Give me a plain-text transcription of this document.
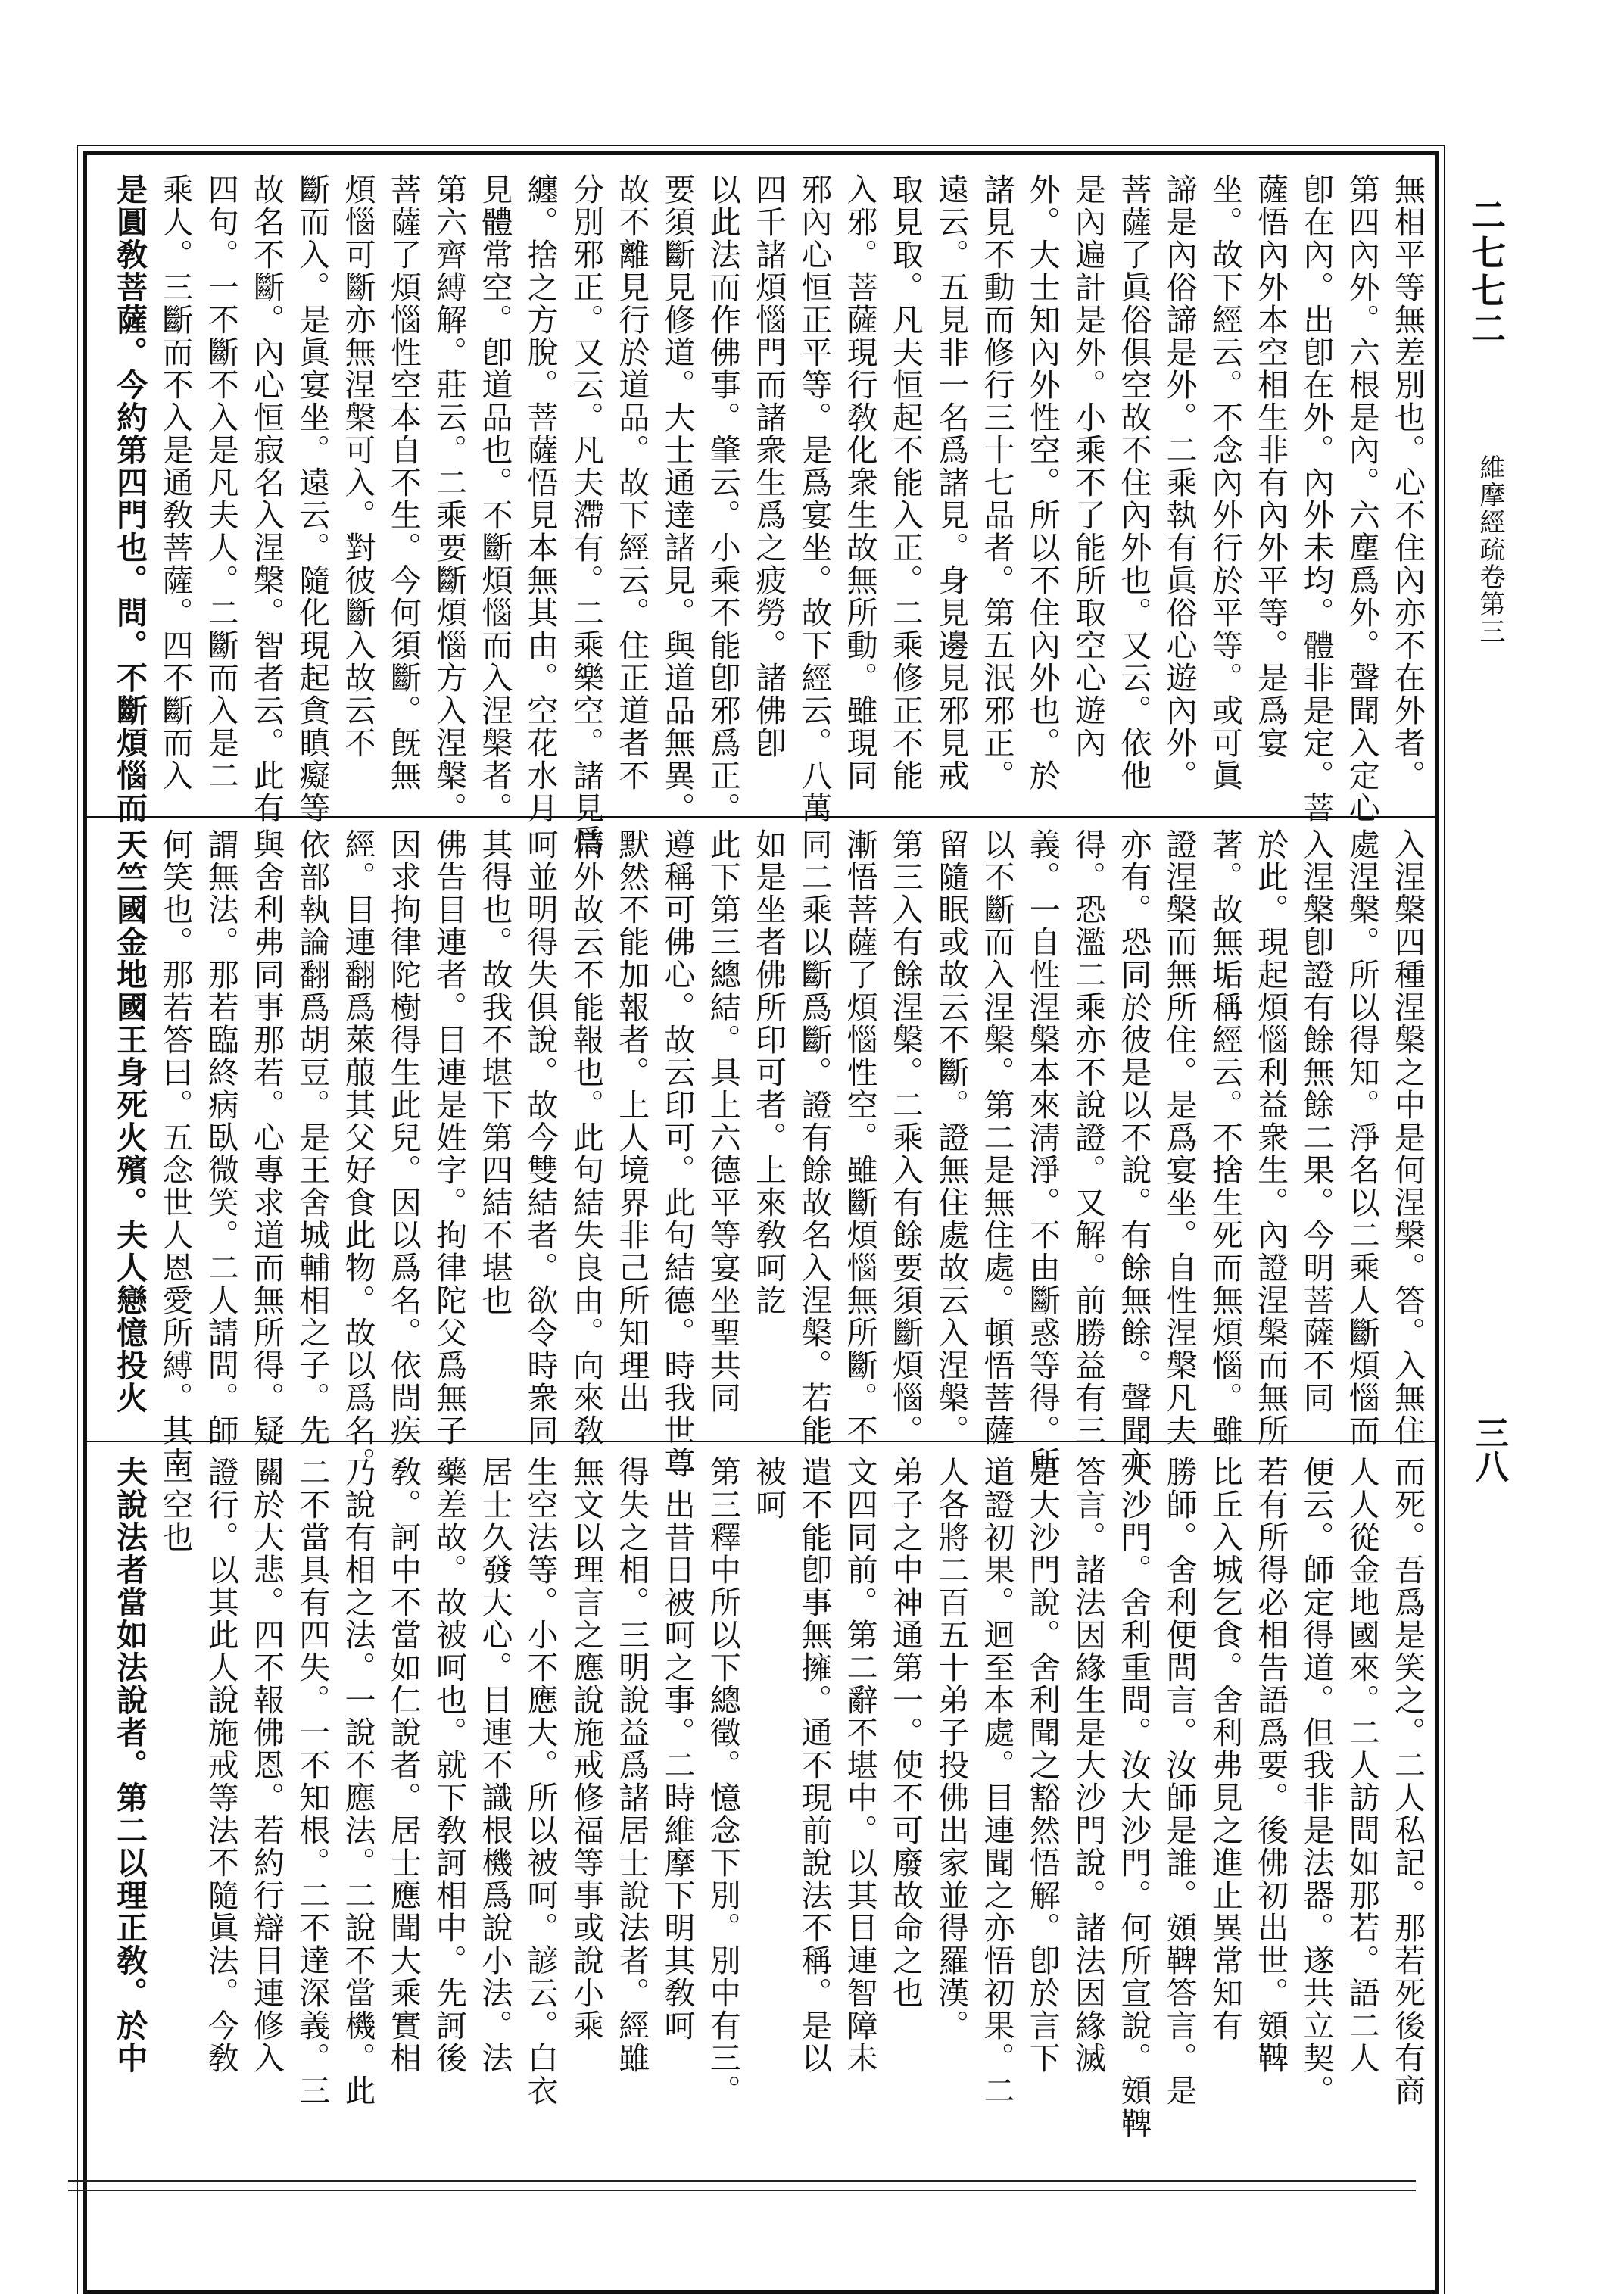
無相平等無差別也。心不住內亦不在外者。
第四內外。六根是內。六塵爲外。聲聞入定心
卽在內。出卽在外。內外未均。體非是定。菩
薩悟內外本空相生非有內外平等。是爲宴
坐。故下經云。不念內外行於平等。或可眞
諦是內俗諦是外。二乘執有眞俗心遊內外。
菩薩了眞俗俱空故不住內外也。又云。依他
是內遍計是外。小乘不了能所取空心遊內
外。大士知內外性空。所以不住內外也。於
諸見不動而修行三十七品者。第五泯邪正。
遠云。五見非一名爲諸見。身見邊見邪見戒
取見取。凡夫恒起不能入正。二乘修正不能
入邪。菩薩現行敎化衆生故無所動。雖現同
邪內心恒正平等。是爲宴坐。故下經云。八萬
四千諸煩惱門而諸衆生爲之疲勞。諸佛卽
以此法而作佛事。肇云。小乘不能卽邪爲正。
要須斷見修道。大士通達諸見。與道品無異。
故不離見行於道品。故下經云。住正道者不
分別邪正。又云。凡夫滯有。二乘樂空。諸見爲
纏。捨之方脫。菩薩悟見本無其由。空花水月
見體常空。卽道品也。不斷煩惱而入涅槃者。
第六齊縛解。莊云。二乘要斷煩惱方入涅槃。
菩薩了煩惱性空本自不生。今何須斷。旣無
煩惱可斷亦無涅槃可入。對彼斷入故云不
斷而入。是眞宴坐。遠云。隨化現起貪瞋癡等
故名不斷。內心恒寂名入涅槃。智者云。此有
四句。一不斷不入是凡夫人。二斷而入是二
乘人。三斷而不入是通敎菩薩。四不斷而入
是圓敎菩薩。今約第四門也。問。不斷煩惱而
入涅槃四種涅槃之中是何涅槃。答。入無住
處涅槃。所以得知。淨名以二乘人斷煩惱而
入涅槃卽證有餘無餘二果。今明菩薩不同
於此。現起煩惱利益衆生。內證涅槃而無所
著。故無垢稱經云。不捨生死而無煩惱。雖
證涅槃而無所住。是爲宴坐。自性涅槃凡夫
亦有。恐同於彼是以不說。有餘無餘。聲聞亦
得。恐濫二乘亦不說證。又解。前勝益有三
義。一自性涅槃本來淸淨。不由斷惑等得。所
以不斷而入涅槃。第二是無住處。頓悟菩薩
留隨眠或故云不斷。證無住處故云入涅槃。
第三入有餘涅槃。二乘入有餘要須斷煩惱。
漸悟菩薩了煩惱性空。雖斷煩惱無所斷。不
同二乘以斷爲斷。證有餘故名入涅槃。若能
如是坐者佛所印可者。上來敎呵訖
此下第三總結。具上六德平等宴坐聖共同
遵稱可佛心。故云印可。此句結德。時我世尊
默然不能加報者。上人境界非己所知理出
情外故云不能報也。此句結失良由。向來敎
呵並明得失俱說。故今雙結者。欲令時衆同
其得也。故我不堪下第四結不堪也
佛告目連者。目連是姓字。拘律陀父爲無子
因求拘律陀樹得生此兒。因以爲名。依問疾
經。目連翻爲萊菔其父好食此物。故以爲名。
依部執論翻爲胡豆。是王舍城輔相之子。先
與舍利弗同事那若。心專求道而無所得。疑
謂無法。那若臨終病臥微笑。二人請問。師
何笑也。那若答曰。五念世人恩愛所縛。其南
天竺國金地國王身死火殯。夫人戀憶投火
而死。吾爲是笑之。二人私記。那若死後有商
人人從金地國來。二人訪問如那若。語二人
便云。師定得道。但我非是法器。遂共立契。
若有所得必相告語爲要。後佛初出世。頞鞞
比丘入城乞食。舍利弗見之進止異常知有
勝師。舍利便問言。汝師是誰。頞鞞答言。是
大沙門。舍利重問。汝大沙門。何所宣說。頞鞞
答言。諸法因緣生是大沙門說。諸法因緣滅
是大沙門說。舍利聞之豁然悟解。卽於言下
道證初果。迴至本處。目連聞之亦悟初果。二
人各將二百五十弟子投佛出家並得羅漢。
弟子之中神通第一。使不可廢故命之也
文四同前。第二辭不堪中。以其目連智障未
遣不能卽事無擁。通不現前說法不稱。是以
被呵
第三釋中所以下總徵。憶念下別。別中有三。
一出昔日被呵之事。二時維摩下明其敎呵
得失之相。三明說益爲諸居士說法者。經雖
無文以理言之應說施戒修福等事或說小乘
生空法等。小不應大。所以被呵。諺云。白衣
居士久發大心。目連不識根機爲說小法。法
藥差故。故被呵也。就下敎訶相中。先訶後
敎。訶中不當如仁說者。居士應聞大乘實相
乃說有相之法。一說不應法。二說不當機。此
二不當具有四失。一不知根。二不達深義。三
關於大悲。四不報佛恩。若約行辯目連修入
證行。以其此人說施戒等法不隨眞法。今敎
二空也
夫說法者當如法說者。第二以理正敎。於中
二七七二
維摩經疏卷第三
三八
